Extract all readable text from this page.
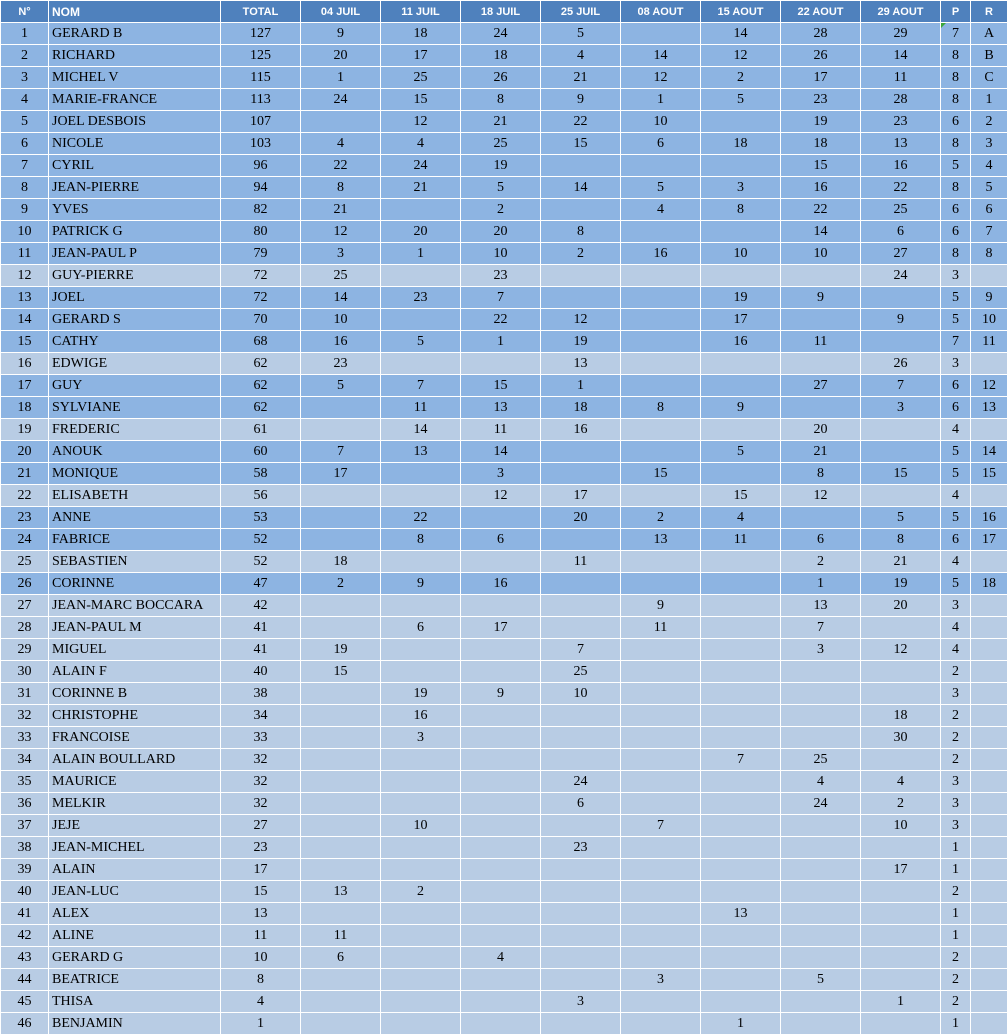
N°	NOM	TOTAL	04 JUIL	11 JUIL	18 JUIL	25 JUIL	08 AOUT	15 AOUT	22 AOUT	29 AOUT	P	R
1	GERARD B	127	9	18	24	5		14	28	29	7	A
2	RICHARD	125	20	17	18	4	14	12	26	14	8	B
3	MICHEL V	115	1	25	26	21	12	2	17	11	8	C
4	MARIE-FRANCE	113	24	15	8	9	1	5	23	28	8	1
5	JOEL DESBOIS	107		12	21	22	10		19	23	6	2
6	NICOLE	103	4	4	25	15	6	18	18	13	8	3
7	CYRIL	96	22	24	19				15	16	5	4
8	JEAN-PIERRE	94	8	21	5	14	5	3	16	22	8	5
9	YVES	82	21		2		4	8	22	25	6	6
10	PATRICK G	80	12	20	20	8			14	6	6	7
11	JEAN-PAUL P	79	3	1	10	2	16	10	10	27	8	8
12	GUY-PIERRE	72	25		23					24	3	
13	JOEL	72	14	23	7			19	9		5	9
14	GERARD S	70	10		22	12		17		9	5	10
15	CATHY	68	16	5	1	19		16	11		7	11
16	EDWIGE	62	23			13				26	3	
17	GUY	62	5	7	15	1			27	7	6	12
18	SYLVIANE	62		11	13	18	8	9		3	6	13
19	FREDERIC	61		14	11	16			20		4	
20	ANOUK	60	7	13	14			5	21		5	14
21	MONIQUE	58	17		3		15		8	15	5	15
22	ELISABETH	56			12	17		15	12		4	
23	ANNE	53		22		20	2	4		5	5	16
24	FABRICE	52		8	6		13	11	6	8	6	17
25	SEBASTIEN	52	18			11			2	21	4	
26	CORINNE	47	2	9	16				1	19	5	18
27	JEAN-MARC BOCCARA	42					9		13	20	3	
28	JEAN-PAUL M	41		6	17		11		7		4	
29	MIGUEL	41	19			7			3	12	4	
30	ALAIN F	40	15			25					2	
31	CORINNE B	38		19	9	10					3	
32	CHRISTOPHE	34		16						18	2	
33	FRANCOISE	33		3						30	2	
34	ALAIN BOULLARD	32						7	25		2	
35	MAURICE	32				24			4	4	3	
36	MELKIR	32				6			24	2	3	
37	JEJE	27		10			7			10	3	
38	JEAN-MICHEL	23				23					1	
39	ALAIN	17								17	1	
40	JEAN-LUC	15	13	2							2	
41	ALEX	13						13			1	
42	ALINE	11	11								1	
43	GERARD G	10	6		4						2	
44	BEATRICE	8					3		5		2	
45	THISA	4				3				1	2	
46	BENJAMIN	1						1			1	
